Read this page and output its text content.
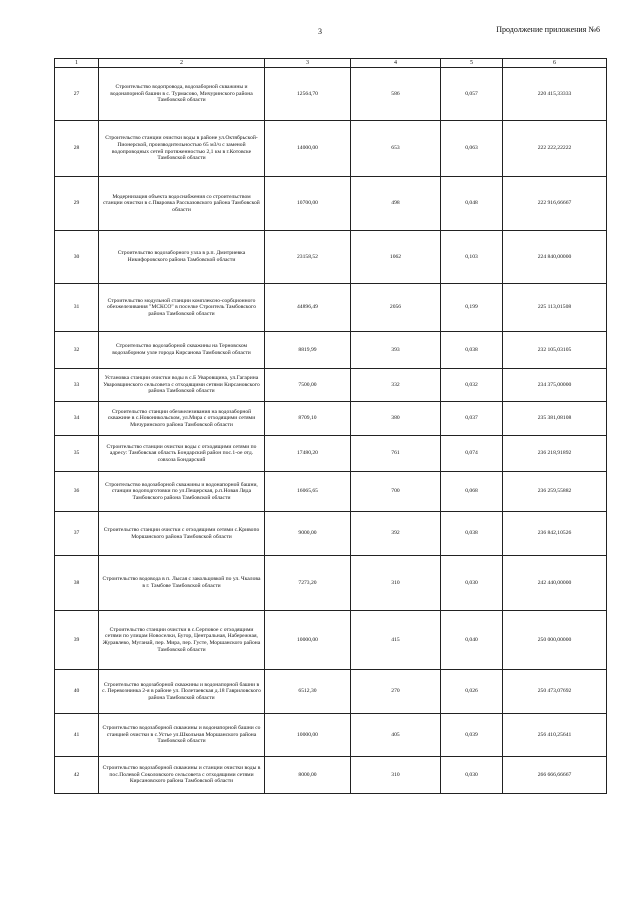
3	Продолжение приложения №6
1	2	3	4	5	6
27	Строительство водопровода, водозаборной скважины и водонапорной башни в с. Турмасово, Мичуринского района Тамбовской области	12564,70	586	0,057	220 415,33333
28	Строительство станции очистки воды в районе ул.Октябрьской-Пионерской, производительностью 65 м3/ч с заменой водопроводных сетей протяженностью 2,1 км в г.Котовске Тамбовской области	14000,00	653	0,063	222 222,22222
29	Модернизация объекта водоснабжения со строительством станции очистки в с.Пваровка Рассказовского района Тамбовской области	10700,00	498	0,048	222 916,66667
30	Строительство водозаборного узла в р.п. Дмитриевка Никифоровского района Тамбовской области	23158,52	1062	0,103	224 840,00000
31	Строительство модульной станции комплексно-сорбционного обезжелезивания "МСКСО" в поселке Строитель Тамбовского района Тамбовской области	44896,49	2056	0,199	225 113,01508
32	Строительство водозаборной скважины на Терновском водозаборном узле города Кирсанова Тамбовской области	8819,99	393	0,038	232 105,03105
33	Установка станции очистки воды в с.Б Уваровщина, ул.Гагарина Уваровщинского сельсовета с отходящими сетями Кирсановского района Тамбовской области	7500,00	332	0,032	234 375,00000
34	Строительство станции обезжелезивания на водозаборной скважине в с.Новоникольском, ул.Мира с отходящими сетями Мичуринского района Тамбовской области	8709,10	380	0,037	235 381,08108
35	Строительство станции очистки воды с отходящими сетями по адресу: Тамбовская область Бондарский район пос.1-ое отд. совхоза Бондарский	17480,20	761	0,074	236 218,91892
36	Строительство водозаборной скважины и водонапорной башни, станции водоподготовки по ул.Пещерская, р.п.Новая Ляда Тамбовского района Тамбовской области	16065,65	700	0,068	236 259,55882
37	Строительство станции очистки с отходящими сетями с.Кривопо Моршанского района Тамбовской области	9000,00	392	0,038	236 842,10526
38	Строительство водовода в п. Лысая с закольцовкой по ул. Чкалова в г. Тамбове Тамбовской области	7273,20	310	0,030	242 440,00000
39	Строительство станции очистки в с.Серповое с отходящими сетями по улицам Новоселки, Бугор, Центральная, Набережная, Журавлево, Муганай, пер. Мира, пер. Густе, Моршанского района Тамбовской области	10000,00	415	0,040	250 000,00000
40	Строительство водозаборной скважины и водонапорной башни в с. Перевознинка 2-я в районе ул. Полетаевская д.18 Гавриловского района Тамбовской области	6512,30	270	0,026	250 473,07692
41	Строительство водозаборной скважины и водонапорной башни со станцией очистки в с.Устье ул.Школьная Моршанского района Тамбовской области	10000,00	405	0,039	256 410,25641
42	Строительство водозаборной скважины и станции очистки воды в пос.Полевой Соколовского сельсовета с отходящими сетями Кирсановского района Тамбовской области	8000,00	310	0,030	266 666,66667
